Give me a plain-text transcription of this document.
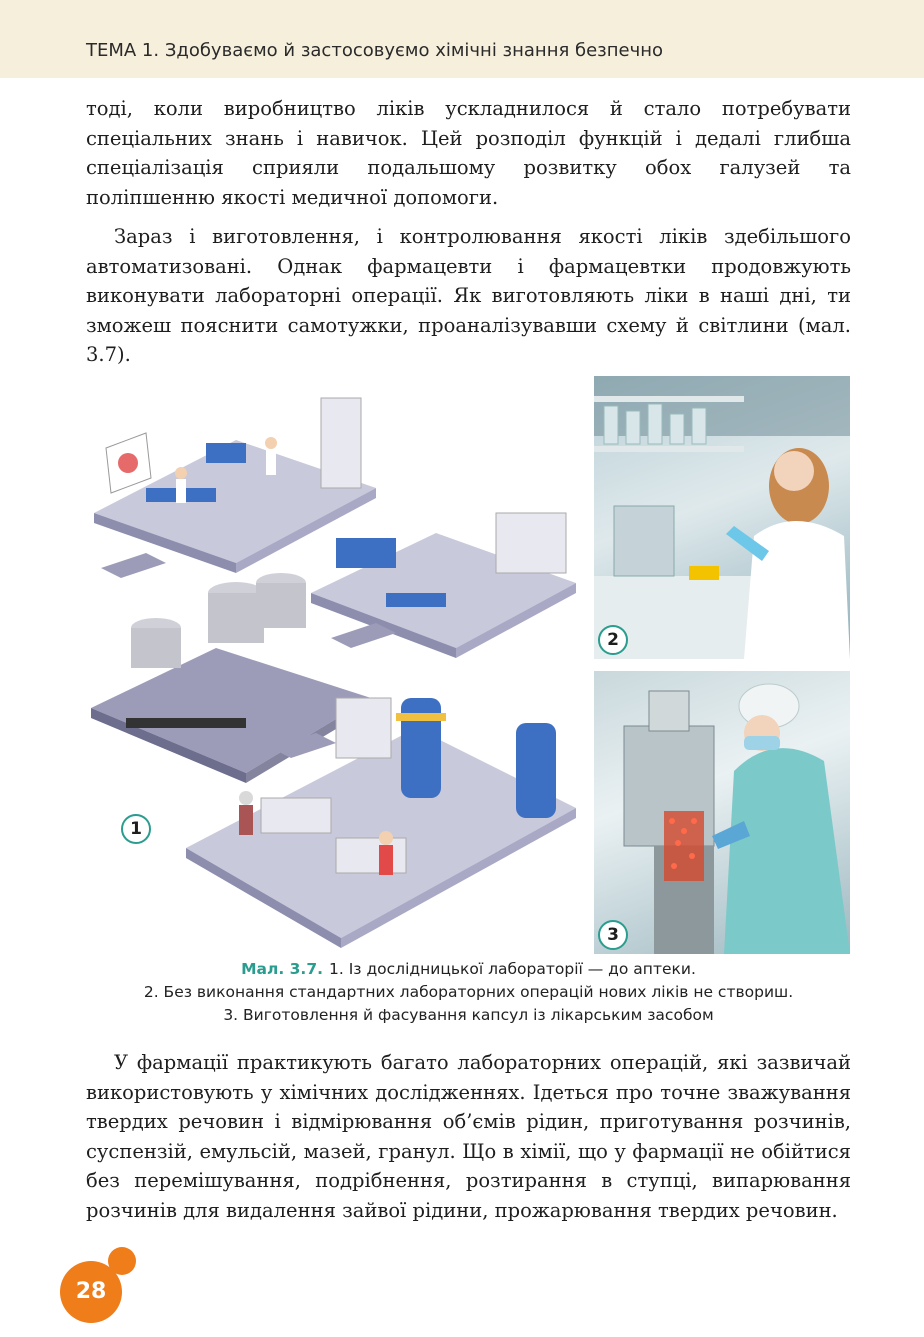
ТЕМА 1. Здобуваємо й застосовуємо хімічні знання безпечно

тоді, коли виробництво ліків ускладнилося й стало потребувати спеціальних знань і навичок. Цей розподіл функцій і дедалі глибша спеціалізація сприяли подальшому розвитку обох галузей та поліпшенню якості медичної допомоги.

Зараз і виготовлення, і контролювання якості ліків здебільшого автоматизовані. Однак фармацевти і фармацевтки продовжують виконувати лабораторні операції. Як виготовляють ліки в наші дні, ти зможеш пояснити самотужки, проаналізувавши схему й світлини (мал. 3.7).

1
2
3
Мал. 3.7. 1. Із дослідницької лабораторії — до аптеки.
2. Без виконання стандартних лабораторних операцій нових ліків не створиш.
3. Виготовлення й фасування капсул із лікарським засобом

У фармації практикують багато лабораторних операцій, які зазвичай використовують у хімічних дослідженнях. Ідеться про точне зважування твердих речовин і відмірювання об’ємів рідин, приготування розчинів, суспензій, емульсій, мазей, гранул. Що в хімії, що у фармації не обійтися без перемішування, подрібнення, розтирання в ступці, випарювання розчинів для видалення зайвої рідини, прожарювання твердих речовин.

28
